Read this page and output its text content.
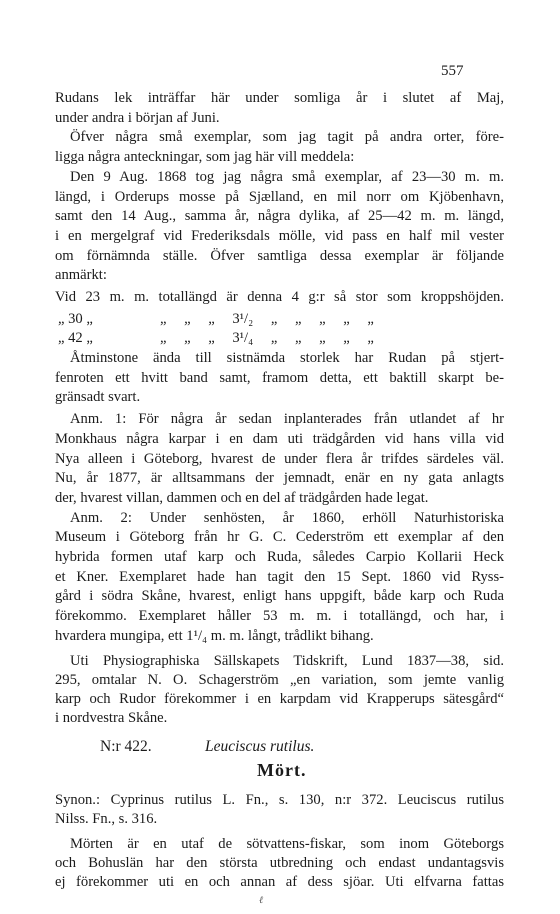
557
Rudans lek inträffar här under somliga år i slutet af Maj,
under andra i början af Juni.
Öfver några små exemplar, som jag tagit på andra orter, före-
ligga några anteckningar, som jag här vill meddela:
Den 9 Aug. 1868 tog jag några små exemplar, af 23—30 m. m.
längd, i Orderups mosse på Sjælland, en mil norr om Kjöbenhavn,
samt den 14 Aug., samma år, några dylika, af 25—42 m. m. längd,
i en mergelgraf vid Frederiksdals mölle, vid pass en half mil vester
om förnämnda ställe. Öfver samtliga dessa exemplar är följande
anmärkt:
Vid 23 m. m. totallängd är denna 4 g:r så stor som kroppshöjden.
„ 30 „	„ „ „ 3¹/₂ „ „ „ „ „
„ 42 „	„ „ „ 3¹/₄ „ „ „ „ „
Åtminstone ända till sistnämda storlek har Rudan på stjert-
fenroten ett hvitt band samt, framom detta, ett baktill skarpt be-
gränsadt svart.
Anm. 1: För några år sedan inplanterades från utlandet af hr
Monkhaus några karpar i en dam uti trädgården vid hans villa vid
Nya alleen i Göteborg, hvarest de under flera år trifdes särdeles väl.
Nu, år 1877, är alltsammans der jemnadt, enär en ny gata anlagts
der, hvarest villan, dammen och en del af trädgården hade legat.
Anm. 2: Under senhösten, år 1860, erhöll Naturhistoriska
Museum i Göteborg från hr G. C. Cederström ett exemplar af den
hybrida formen utaf karp och Ruda, således Carpio Kollarii Heck
et Kner. Exemplaret hade han tagit den 15 Sept. 1860 vid Ryss-
gård i södra Skåne, hvarest, enligt hans uppgift, både karp och Ruda
förekommo. Exemplaret håller 53 m. m. i totallängd, och har, i
hvardera mungipa, ett 1¹/₄ m. m. långt, trådlikt bihang.
Uti Physiographiska Sällskapets Tidskrift, Lund 1837—38, sid.
295, omtalar N. O. Schagerström „en variation, som jemte vanlig
karp och Rudor förekommer i en karpdam vid Krapperups sätesgård“
i nordvestra Skåne.
N:r 422.	Leuciscus rutilus.
Mört.
Synon.: Cyprinus rutilus L. Fn., s. 130, n:r 372. Leuciscus rutilus
Nilss. Fn., s. 316.
Mörten är en utaf de sötvattens-fiskar, som inom Göteborgs
och Bohuslän har den största utbredning och endast undantagsvis
ej förekommer uti en och annan af dess sjöar. Uti elfvarna fattas
ℓ
